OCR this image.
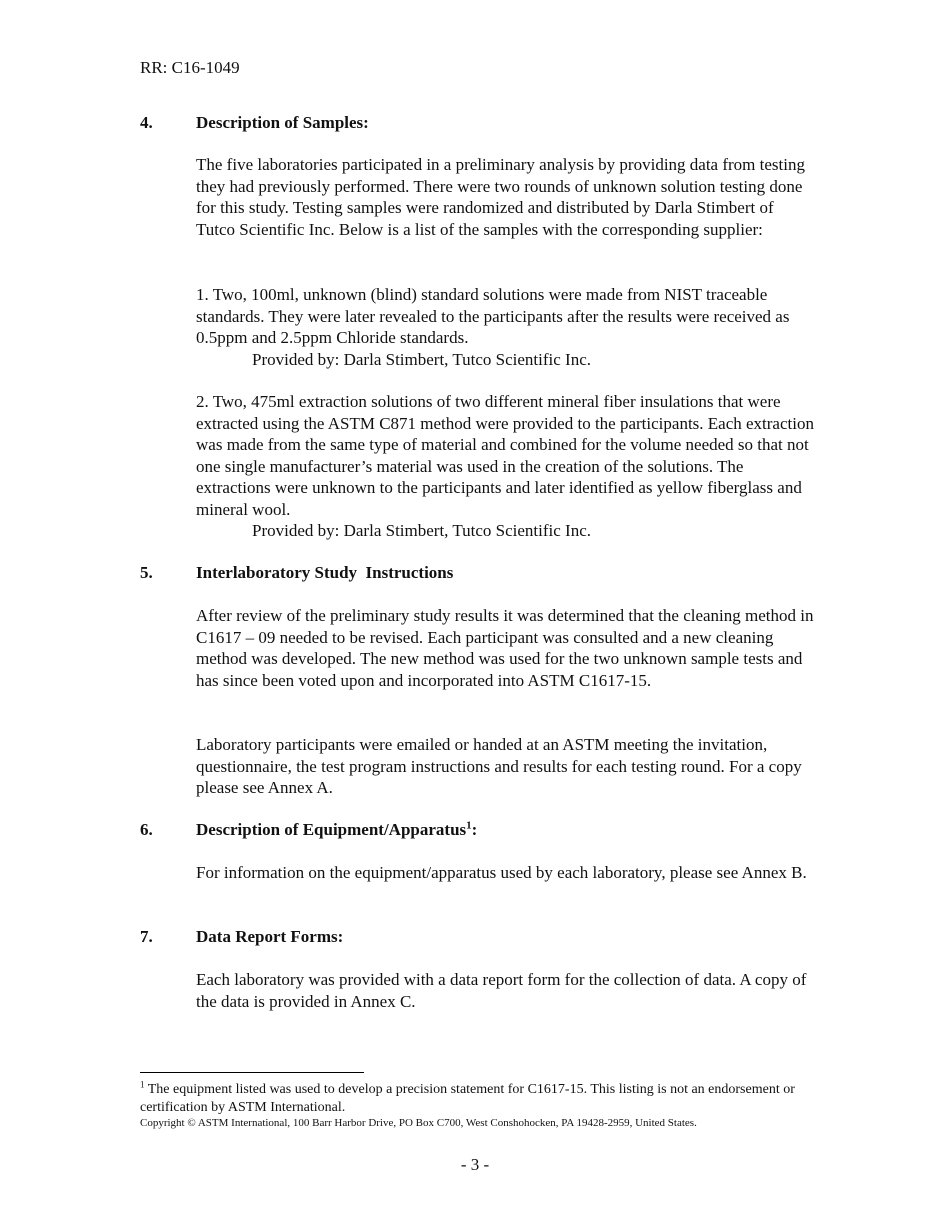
RR: C16-1049
4.	Description of Samples:

The five laboratories participated in a preliminary analysis by providing data from testing they had previously performed. There were two rounds of unknown solution testing done for this study. Testing samples were randomized and distributed by Darla Stimbert of Tutco Scientific Inc. Below is a list of the samples with the corresponding supplier:

1. Two, 100ml, unknown (blind) standard solutions were made from NIST traceable standards. They were later revealed to the participants after the results were received as 0.5ppm and 2.5ppm Chloride standards.
Provided by: Darla Stimbert, Tutco Scientific Inc.
2. Two, 475ml extraction solutions of two different mineral fiber insulations that were extracted using the ASTM C871 method were provided to the participants. Each extraction was made from the same type of material and combined for the volume needed so that not one single manufacturer’s material was used in the creation of the solutions. The extractions were unknown to the participants and later identified as yellow fiberglass and mineral wool.
Provided by: Darla Stimbert, Tutco Scientific Inc.
5.	Interlaboratory Study  Instructions

After review of the preliminary study results it was determined that the cleaning method in C1617 – 09 needed to be revised. Each participant was consulted and a new cleaning method was developed. The new method was used for the two unknown sample tests and has since been voted upon and incorporated into ASTM C1617-15.

Laboratory participants were emailed or handed at an ASTM meeting the invitation, questionnaire, the test program instructions and results for each testing round. For a copy please see Annex A.

6.	Description of Equipment/Apparatus$^1$:

For information on the equipment/apparatus used by each laboratory, please see Annex B.

7.	Data Report Forms:

Each laboratory was provided with a data report form for the collection of data. A copy of the data is provided in Annex C.

$^1$ The equipment listed was used to develop a precision statement for C1617-15. This listing is not an endorsement or certification by ASTM International.
Copyright © ASTM International, 100 Barr Harbor Drive, PO Box C700, West Conshohocken, PA 19428-2959, United States.
- 3 -
